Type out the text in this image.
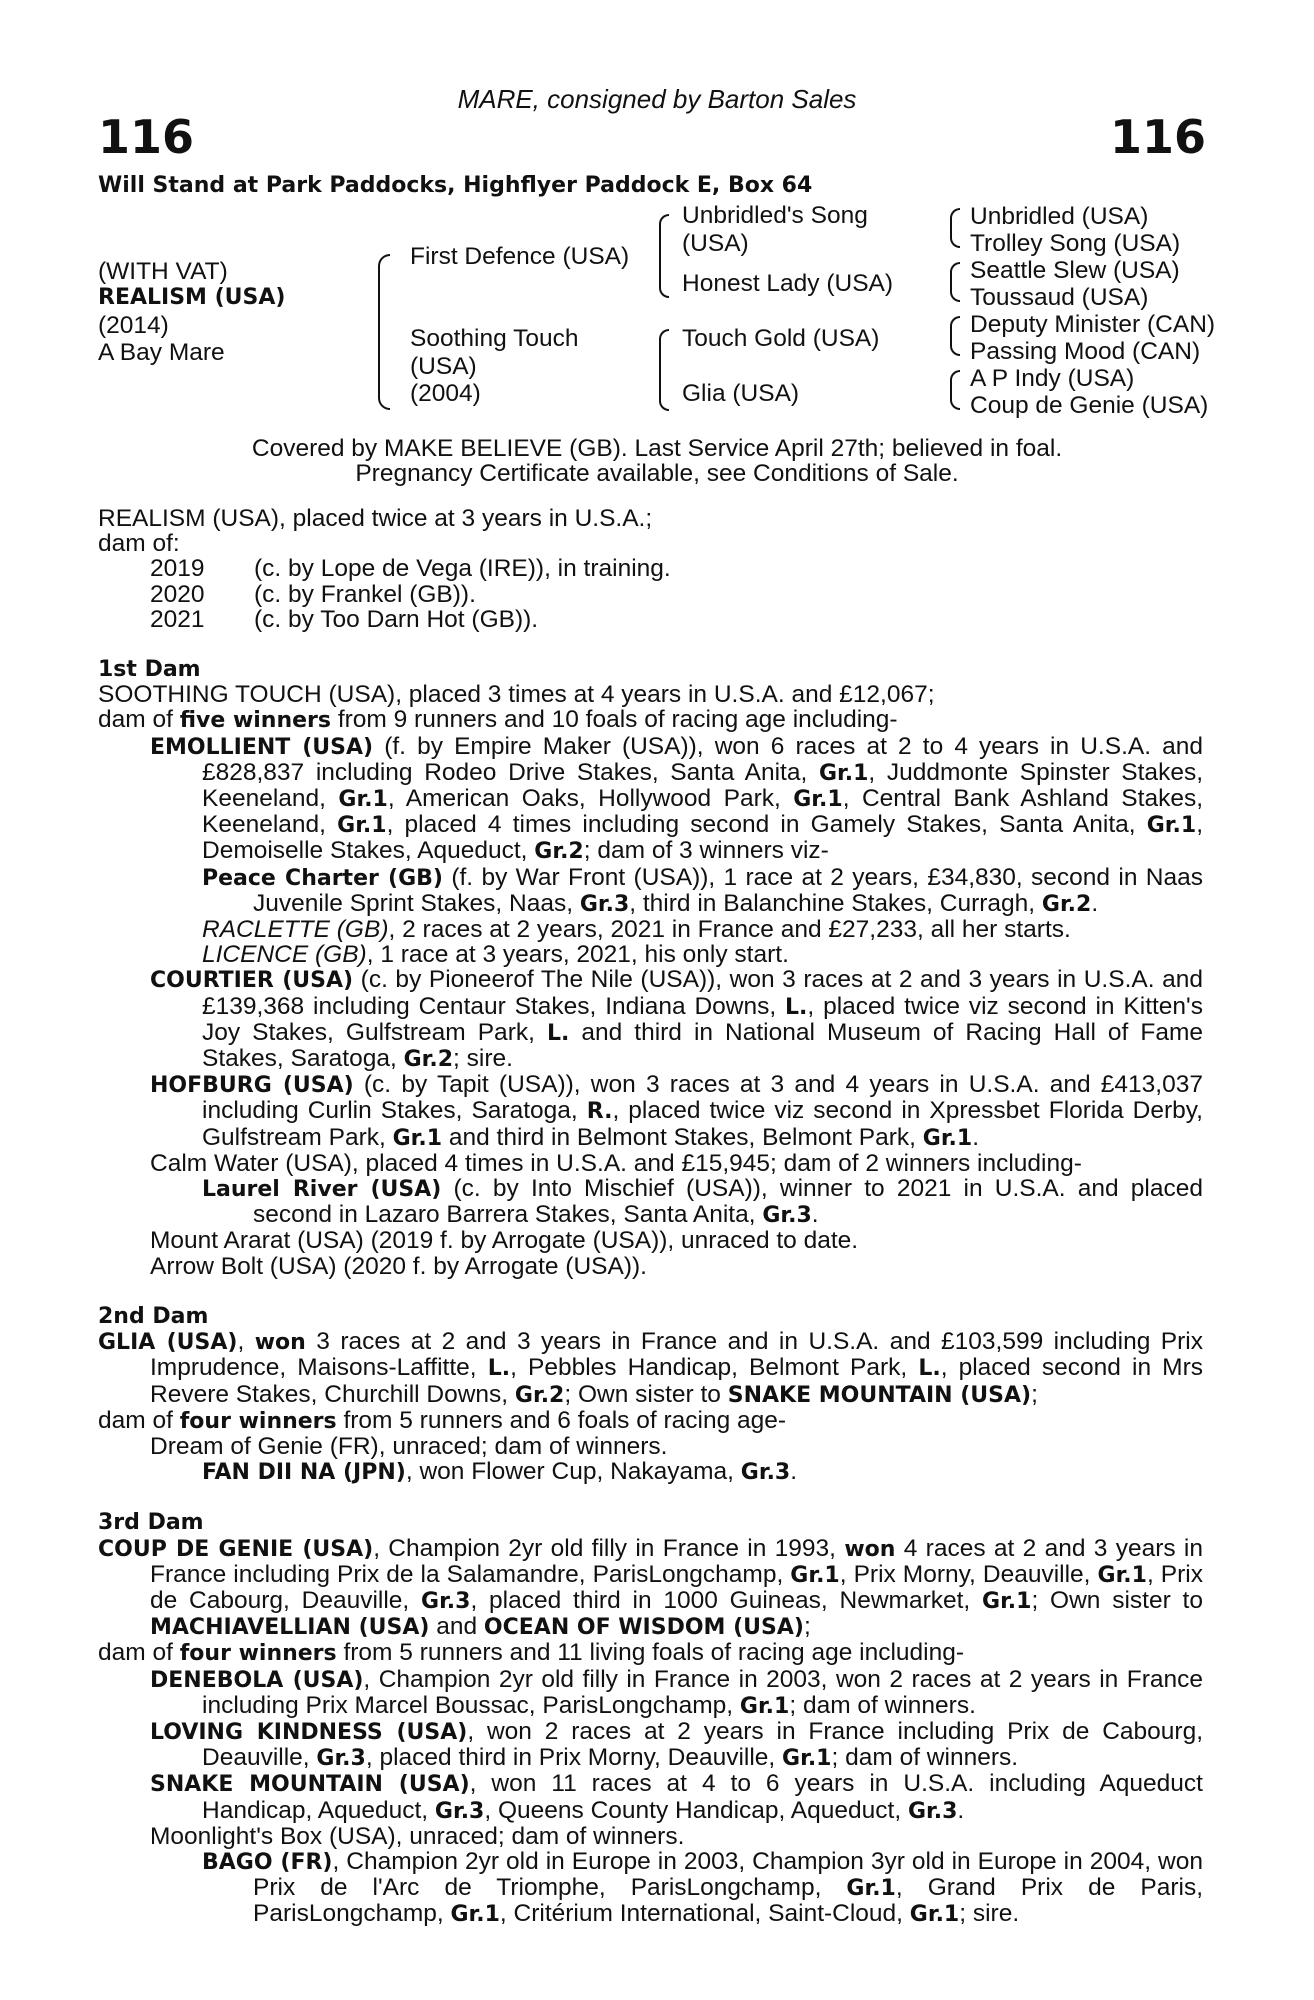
MARE, consigned by Barton Sales
116	116
Will Stand at Park Paddocks, Highflyer Paddock E, Box 64
(WITH VAT)
REALISM (USA)
(2014)
A Bay Mare
First Defence (USA)
Soothing Touch
(USA)
(2004)
Unbridled's Song
(USA)
Honest Lady (USA)
Touch Gold (USA)
Glia (USA)
Unbridled (USA)
Trolley Song (USA)
Seattle Slew (USA)
Toussaud (USA)
Deputy Minister (CAN)
Passing Mood (CAN)
A P Indy (USA)
Coup de Genie (USA)
Covered by MAKE BELIEVE (GB). Last Service April 27th; believed in foal.
Pregnancy Certificate available, see Conditions of Sale.

REALISM (USA), placed twice at 3 years in U.S.A.;

dam of:

2019 (c. by Lope de Vega (IRE)), in training.

2020 (c. by Frankel (GB)).

2021 (c. by Too Darn Hot (GB)).

1st Dam

SOOTHING TOUCH (USA), placed 3 times at 4 years in U.S.A. and £12,067;

dam of five winners from 9 runners and 10 foals of racing age including-

EMOLLIENT (USA) (f. by Empire Maker (USA)), won 6 races at 2 to 4 years in U.S.A. and £828,837 including Rodeo Drive Stakes, Santa Anita, Gr.1, Juddmonte Spinster Stakes, Keeneland, Gr.1, American Oaks, Hollywood Park, Gr.1, Central Bank Ashland Stakes, Keeneland, Gr.1, placed 4 times including second in Gamely Stakes, Santa Anita, Gr.1, Demoiselle Stakes, Aqueduct, Gr.2; dam of 3 winners viz-

Peace Charter (GB) (f. by War Front (USA)), 1 race at 2 years, £34,830, second in Naas Juvenile Sprint Stakes, Naas, Gr.3, third in Balanchine Stakes, Curragh, Gr.2.

RACLETTE (GB), 2 races at 2 years, 2021 in France and £27,233, all her starts.

LICENCE (GB), 1 race at 3 years, 2021, his only start.

COURTIER (USA) (c. by Pioneerof The Nile (USA)), won 3 races at 2 and 3 years in U.S.A. and £139,368 including Centaur Stakes, Indiana Downs, L., placed twice viz second in Kitten's Joy Stakes, Gulfstream Park, L. and third in National Museum of Racing Hall of Fame Stakes, Saratoga, Gr.2; sire.

HOFBURG (USA) (c. by Tapit (USA)), won 3 races at 3 and 4 years in U.S.A. and £413,037 including Curlin Stakes, Saratoga, R., placed twice viz second in Xpressbet Florida Derby, Gulfstream Park, Gr.1 and third in Belmont Stakes, Belmont Park, Gr.1.

Calm Water (USA), placed 4 times in U.S.A. and £15,945; dam of 2 winners including-

Laurel River (USA) (c. by Into Mischief (USA)), winner to 2021 in U.S.A. and placed second in Lazaro Barrera Stakes, Santa Anita, Gr.3.

Mount Ararat (USA) (2019 f. by Arrogate (USA)), unraced to date.

Arrow Bolt (USA) (2020 f. by Arrogate (USA)).

2nd Dam

GLIA (USA), won 3 races at 2 and 3 years in France and in U.S.A. and £103,599 including Prix Imprudence, Maisons-Laffitte, L., Pebbles Handicap, Belmont Park, L., placed second in Mrs Revere Stakes, Churchill Downs, Gr.2; Own sister to SNAKE MOUNTAIN (USA);

dam of four winners from 5 runners and 6 foals of racing age-

Dream of Genie (FR), unraced; dam of winners.

FAN DII NA (JPN), won Flower Cup, Nakayama, Gr.3.

3rd Dam

COUP DE GENIE (USA), Champion 2yr old filly in France in 1993, won 4 races at 2 and 3 years in France including Prix de la Salamandre, ParisLongchamp, Gr.1, Prix Morny, Deauville, Gr.1, Prix de Cabourg, Deauville, Gr.3, placed third in 1000 Guineas, Newmarket, Gr.1; Own sister to MACHIAVELLIAN (USA) and OCEAN OF WISDOM (USA);

dam of four winners from 5 runners and 11 living foals of racing age including-

DENEBOLA (USA), Champion 2yr old filly in France in 2003, won 2 races at 2 years in France including Prix Marcel Boussac, ParisLongchamp, Gr.1; dam of winners.

LOVING KINDNESS (USA), won 2 races at 2 years in France including Prix de Cabourg, Deauville, Gr.3, placed third in Prix Morny, Deauville, Gr.1; dam of winners.

SNAKE MOUNTAIN (USA), won 11 races at 4 to 6 years in U.S.A. including Aqueduct Handicap, Aqueduct, Gr.3, Queens County Handicap, Aqueduct, Gr.3.

Moonlight's Box (USA), unraced; dam of winners.

BAGO (FR), Champion 2yr old in Europe in 2003, Champion 3yr old in Europe in 2004, won Prix de l'Arc de Triomphe, ParisLongchamp, Gr.1, Grand Prix de Paris, ParisLongchamp, Gr.1, Critérium International, Saint-Cloud, Gr.1; sire.
